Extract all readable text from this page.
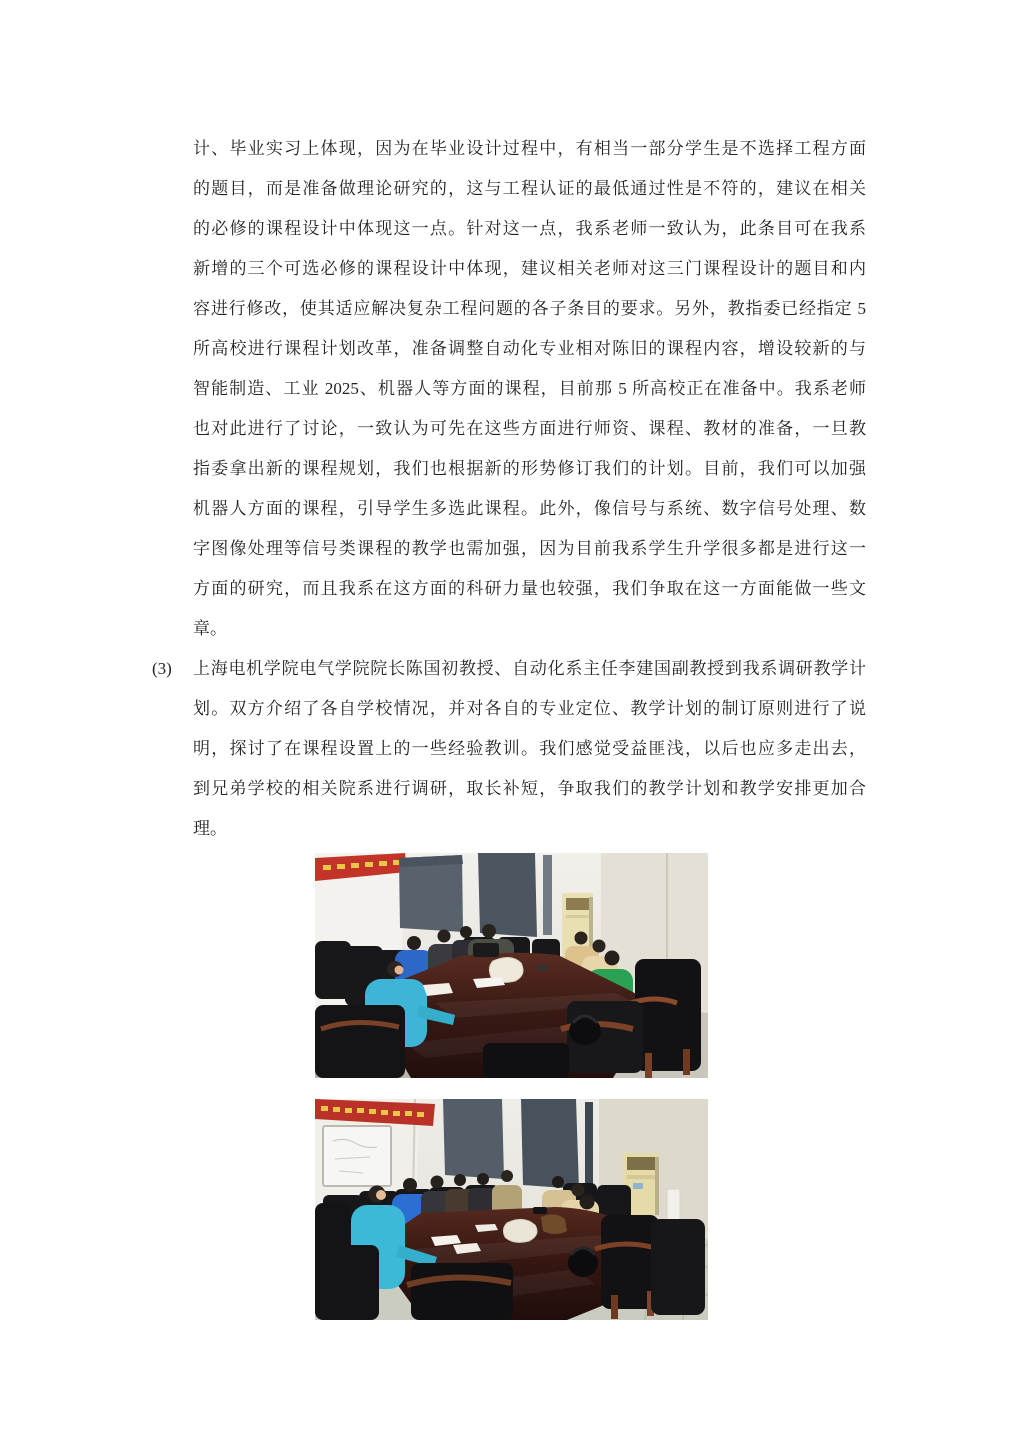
计、毕业实习上体现，因为在毕业设计过程中，有相当一部分学生是不选择工程方面
的题目，而是准备做理论研究的，这与工程认证的最低通过性是不符的，建议在相关
的必修的课程设计中体现这一点。针对这一点，我系老师一致认为，此条目可在我系
新增的三个可选必修的课程设计中体现，建议相关老师对这三门课程设计的题目和内
容进行修改，使其适应解决复杂工程问题的各子条目的要求。另外，教指委已经指定 5
所高校进行课程计划改革，准备调整自动化专业相对陈旧的课程内容，增设较新的与
智能制造、工业 2025、机器人等方面的课程，目前那 5 所高校正在准备中。我系老师
也对此进行了讨论，一致认为可先在这些方面进行师资、课程、教材的准备，一旦教
指委拿出新的课程规划，我们也根据新的形势修订我们的计划。目前，我们可以加强
机器人方面的课程，引导学生多选此课程。此外，像信号与系统、数字信号处理、数
字图像处理等信号类课程的教学也需加强，因为目前我系学生升学很多都是进行这一
方面的研究，而且我系在这方面的科研力量也较强，我们争取在这一方面能做一些文
章。
(3)	上海电机学院电气学院院长陈国初教授、自动化系主任李建国副教授到我系调研教学计
划。双方介绍了各自学校情况，并对各自的专业定位、教学计划的制订原则进行了说
明，探讨了在课程设置上的一些经验教训。我们感觉受益匪浅，以后也应多走出去，
到兄弟学校的相关院系进行调研，取长补短，争取我们的教学计划和教学安排更加合
理。
